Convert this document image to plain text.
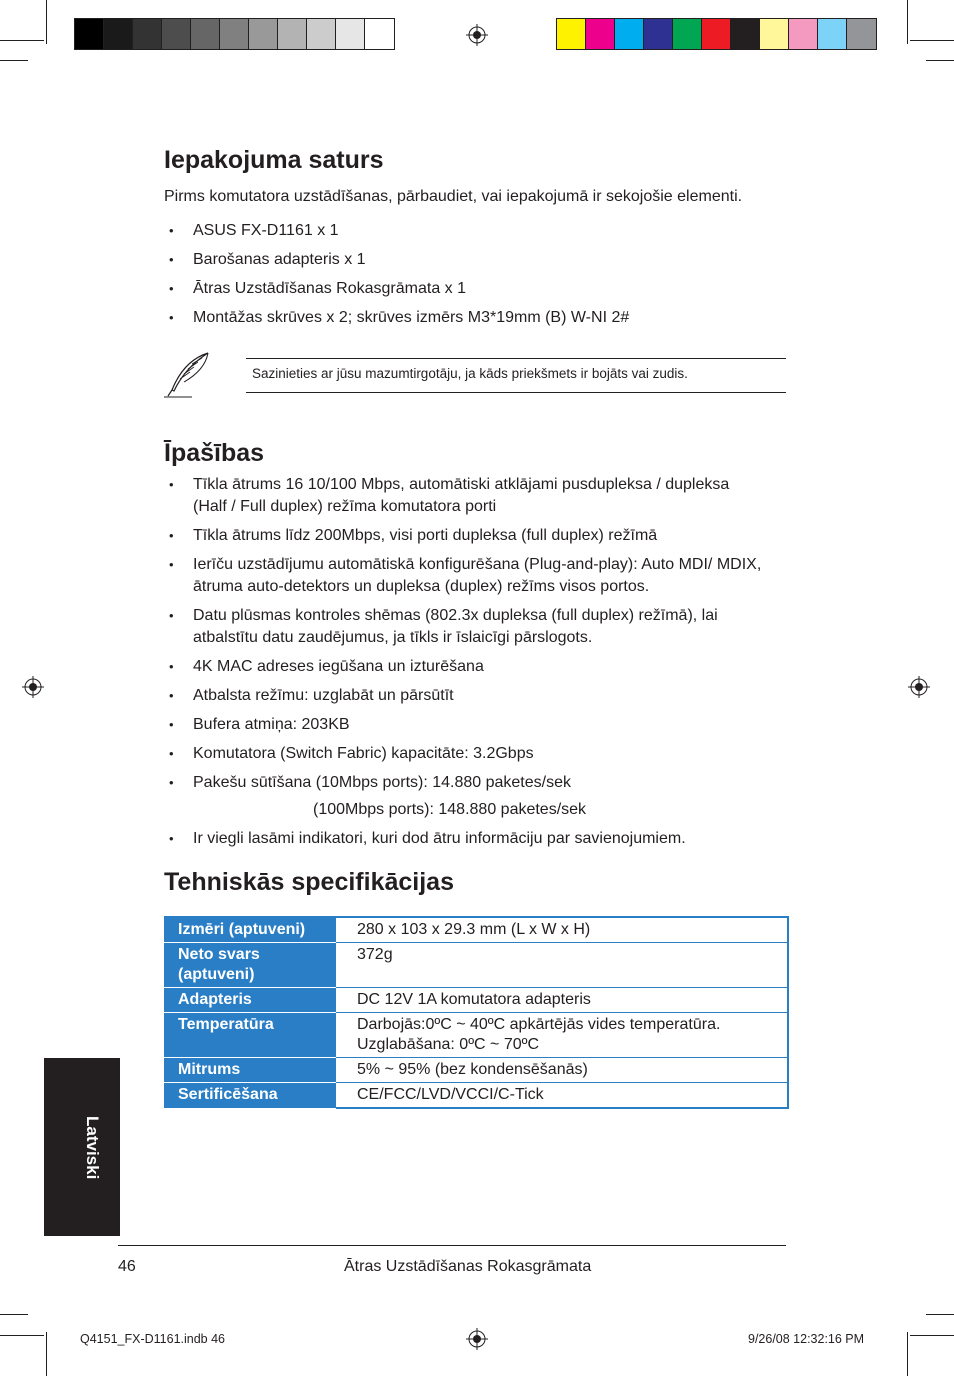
Iepakojuma saturs
Pirms komutatora uzstādīšanas, pārbaudiet, vai iepakojumā ir sekojošie elementi.
• ASUS FX-D1161 x 1
• Barošanas adapteris x 1
• Ātras Uzstādīšanas Rokasgrāmata x 1
• Montāžas skrūves x 2; skrūves izmērs M3*19mm (B) W-NI 2#
Sazinieties ar jūsu mazumtirgotāju, ja kāds priekšmets ir bojāts vai zudis.
Īpašības
• Tīkla ātrums 16 10/100 Mbps, automātiski atklājami pusdupleksa / dupleksa (Half / Full duplex) režīma komutatora porti
• Tīkla ātrums līdz 200Mbps, visi porti dupleksa (full duplex) režīmā
• Ierīču uzstādījumu automātiskā konfigurēšana (Plug-and-play): Auto MDI/ MDIX, ātruma auto-detektors un dupleksa (duplex) režīms visos portos.
• Datu plūsmas kontroles shēmas (802.3x dupleksa (full duplex) režīmā), lai atbalstītu datu zaudējumus, ja tīkls ir īslaicīgi pārslogots.
• 4K MAC adreses iegūšana un izturēšana
• Atbalsta režīmu: uzglabāt un pārsūtīt
• Bufera atmiņa: 203KB
• Komutatora (Switch Fabric) kapacitāte: 3.2Gbps
• Pakešu sūtīšana (10Mbps ports): 14.880 paketes/sek
(100Mbps ports): 148.880 paketes/sek
• Ir viegli lasāmi indikatori, kuri dod ātru informāciju par savienojumiem.
Tehniskās specifikācijas
Izmēri (aptuveni)	280 x 103 x 29.3 mm (L x W x H)
Neto svars (aptuveni)	372g
Adapteris	DC 12V 1A komutatora adapteris
Temperatūra	Darbojās:0ºC ~ 40ºC apkārtējās vides temperatūra.
Uzglabāšana: 0ºC ~ 70ºC
Mitrums	5% ~ 95% (bez kondensēšanās)
Sertificēšana	CE/FCC/LVD/VCCI/C-Tick
Latviski
46	Ātras Uzstādīšanas Rokasgrāmata
Q4151_FX-D1161.indb 46	9/26/08 12:32:16 PM
